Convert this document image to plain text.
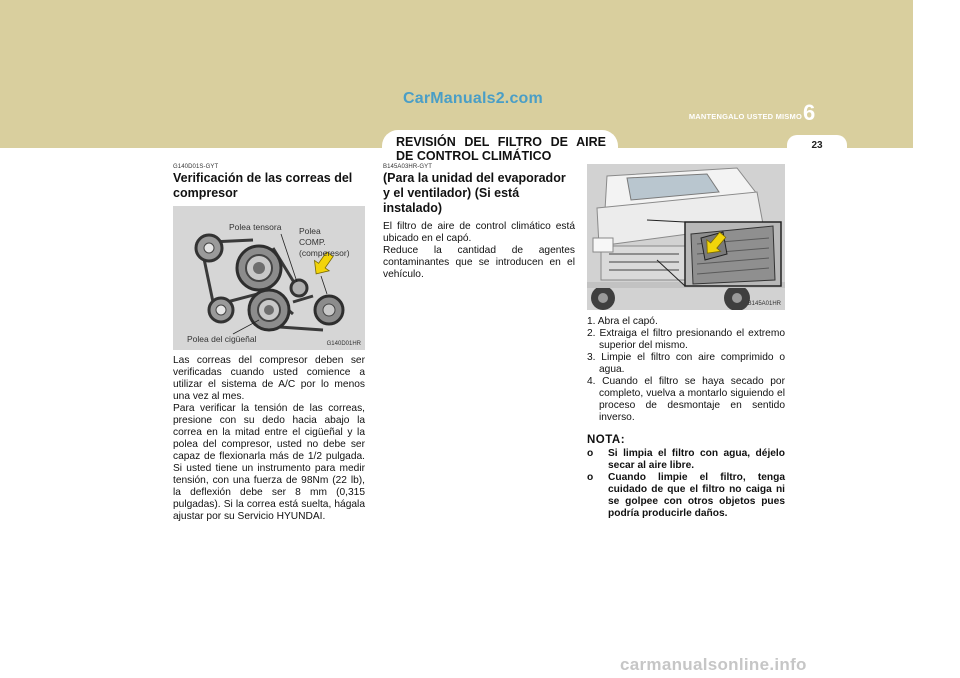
CarManuals2.com
MANTENGALO USTED MISMO 6
23
REVISIÓN DEL FILTRO DE AIRE DE CONTROL CLIMÁTICO
G140D01S-GYT
Verificación de las correas del compresor
Polea tensora Polea
COMP.
(comperesor)
Polea del cigüeñal	G140D01HR

Las correas del compresor deben ser verificadas cuando usted comience a utilizar el sistema de A/C por lo menos una vez al mes.

Para verificar la tensión de las correas, presione con su dedo hacia abajo la correa en la mitad entre el cigüeñal y la polea del compresor, usted no debe ser capaz de flexionarla más de 1/2 pulgada. Si usted tiene un instrumento para medir tensión, con una fuerza de 98Nm (22 lb), la deflexión debe ser 8 mm (0,315 pulgadas). Si la correa está suelta, hágala ajustar por su Servicio HYUNDAI.

B145A03HR-GYT
(Para la unidad del evaporador y el ventilador) (Si está instalado)

El filtro de aire de control climático está ubicado en el capó.

Reduce la cantidad de agentes contaminantes que se introducen en el vehículo.

B145A01HR
1. Abra el capó.
2. Extraiga el filtro presionando el extremo superior del mismo.
3. Limpie el filtro con aire comprimido o agua.
4. Cuando el filtro se haya secado por completo, vuelva a montarlo siguiendo el proceso de desmontaje en sentido inverso.
NOTA:
o Si limpia el filtro con agua, déjelo secar al aire libre.
o Cuando limpie el filtro, tenga cuidado de que el filtro no caiga ni se golpee con otros objetos pues podría producirle daños.
carmanualsonline.info
